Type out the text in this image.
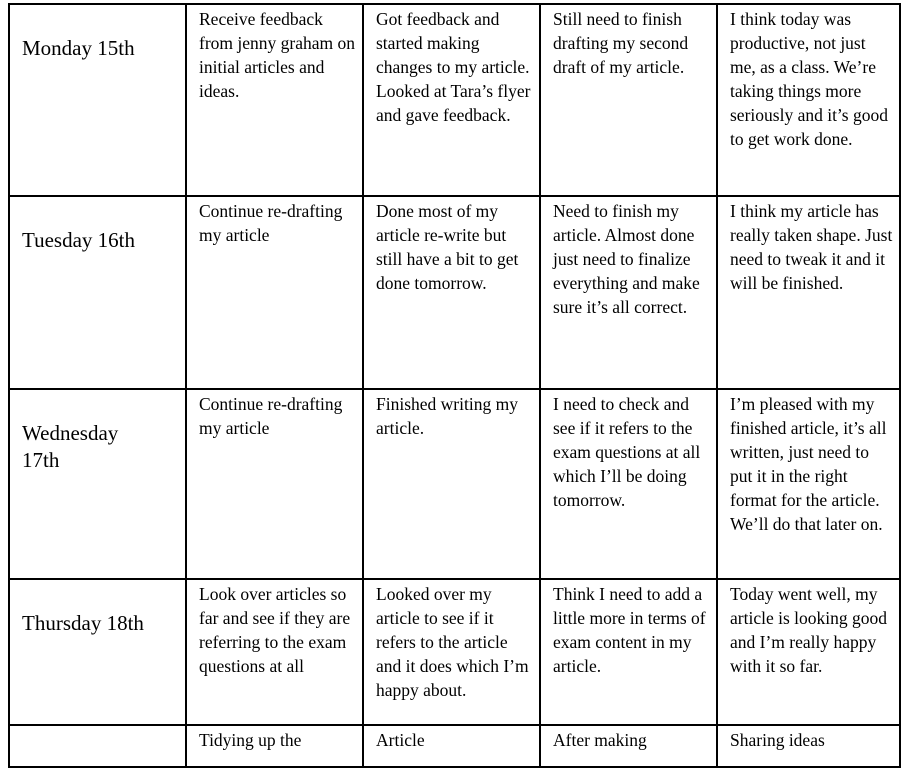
Monday 15th	Receive feedback from jenny graham on initial articles and ideas.	Got feedback and started making changes to my article. Looked at Tara’s flyer and gave feedback.	Still need to finish drafting my second draft of my article.	I think today was productive, not just me, as a class. We’re taking things more seriously and it’s good to get work done.

Tuesday 16th	Continue re-drafting my article	Done most of my article re-write but still have a bit to get done tomorrow.	Need to finish my article. Almost done just need to finalize everything and make sure it’s all correct.	I think my article has really taken shape. Just need to tweak it and it will be finished.

Wednesday 17th	Continue re-drafting my article	Finished writing my article.	I need to check and see if it refers to the exam questions at all which I’ll be doing tomorrow.	I’m pleased with my finished article, it’s all written, just need to put it in the right format for the article. We’ll do that later on.

Thursday 18th	Look over articles so far and see if they are referring to the exam questions at all	Looked over my article to see if it refers to the article and it does which I’m happy about.	Think I need to add a little more in terms of exam content in my article.	Today went well, my article is looking good and I’m really happy with it so far.

	Tidying up the	Article	After making	Sharing ideas
